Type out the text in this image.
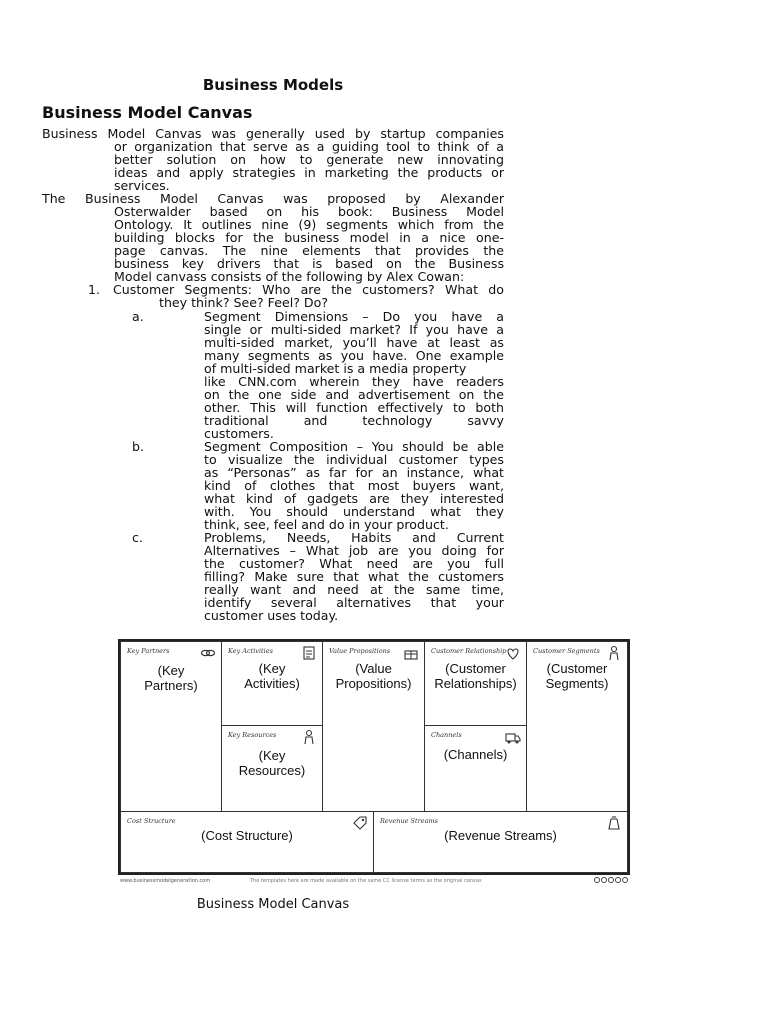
Business Models
Business Model Canvas
Business Model Canvas was generally used by startup companies
or organization that serve as a guiding tool to think of a
better solution on how to generate new innovating
ideas and apply strategies in marketing the products or
services.
The Business Model Canvas was proposed by Alexander
Osterwalder based on his book: Business Model
Ontology. It outlines nine (9) segments which from the
building blocks for the business model in a nice one-
page canvas. The nine elements that provides the
business key drivers that is based on the Business
Model canvass consists of the following by Alex Cowan:
1. Customer Segments: Who are the customers? What do
they think? See? Feel? Do?
a.	Segment Dimensions – Do you have a
single or multi-sided market? If you have a
multi-sided market, you’ll have at least as
many segments as you have. One example
of multi-sided market is a media property
like CNN.com wherein they have readers
on the one side and advertisement on the
other. This will function effectively to both
traditional and technology savvy
customers.
b.	Segment Composition – You should be able
to visualize the individual customer types
as “Personas” as far for an instance, what
kind of clothes that most buyers want,
what kind of gadgets are they interested
with. You should understand what they
think, see, feel and do in your product.
c.	Problems, Needs, Habits and Current
Alternatives – What job are you doing for
the customer? What need are you full
filling? Make sure that what the customers
really want and need at the same time,
identify several alternatives that your
customer uses today.
Key Partners
(Key
Partners)
Key Activities
(Key
Activities)
Key Resources
(Key
Resources)
Value Propositions
(Value
Propositions)
Customer Relationship
(Customer
Relationships)
Channels
(Channels)
Customer Segments
(Customer
Segments)
Cost Structure
(Cost Structure)
Revenue Streams
(Revenue Streams)
www.businessmodelgeneration.com	The templates here are made available on the same CC license terms as the original canvas
Business Model Canvas
